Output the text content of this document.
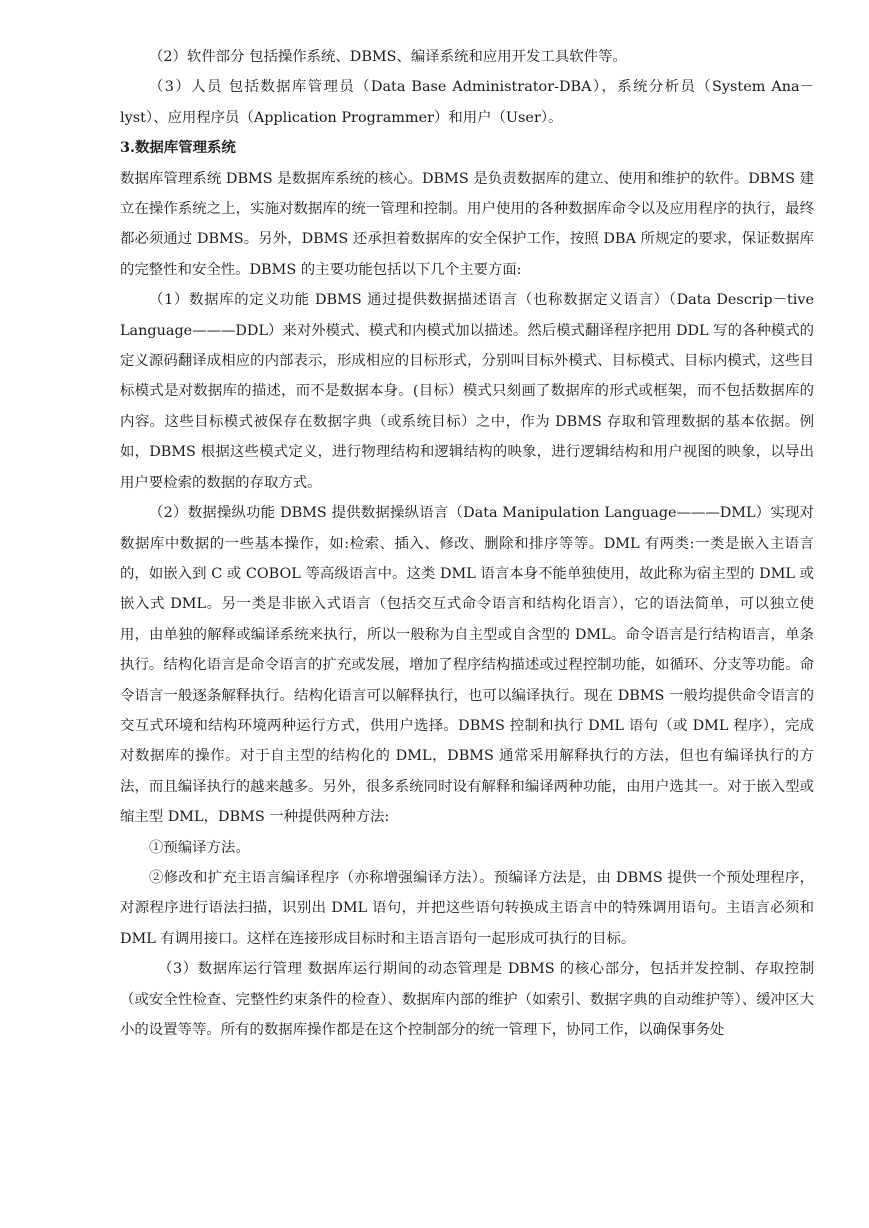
（2）软件部分 包括操作系统、DBMS、编译系统和应用开发工具软件等。

（3）人员 包括数据库管理员（Data Base Administrator-DBA），系统分析员（System Ana－lyst）、应用程序员（Application Programmer）和用户（User）。

3.数据库管理系统

数据库管理系统 DBMS 是数据库系统的核心。DBMS 是负责数据库的建立、使用和维护的软件。DBMS 建立在操作系统之上，实施对数据库的统一管理和控制。用户使用的各种数据库命令以及应用程序的执行，最终都必须通过 DBMS。另外，DBMS 还承担着数据库的安全保护工作，按照 DBA 所规定的要求，保证数据库的完整性和安全性。DBMS 的主要功能包括以下几个主要方面:

（1）数据库的定义功能 DBMS 通过提供数据描述语言（也称数据定义语言）（Data Descrip－tive Language———DDL）来对外模式、模式和内模式加以描述。然后模式翻译程序把用 DDL 写的各种模式的定义源码翻译成相应的内部表示，形成相应的目标形式，分别叫目标外模式、目标模式、目标内模式，这些目标模式是对数据库的描述，而不是数据本身。(目标）模式只刻画了数据库的形式或框架，而不包括数据库的内容。这些目标模式被保存在数据字典（或系统目标）之中，作为 DBMS 存取和管理数据的基本依据。例如，DBMS 根据这些模式定义，进行物理结构和逻辑结构的映象，进行逻辑结构和用户视图的映象，以导出用户要检索的数据的存取方式。

（2）数据操纵功能 DBMS 提供数据操纵语言（Data Manipulation Language———DML）实现对数据库中数据的一些基本操作，如:检索、插入、修改、删除和排序等等。DML 有两类:一类是嵌入主语言的，如嵌入到 C 或 COBOL 等高级语言中。这类 DML 语言本身不能单独使用，故此称为宿主型的 DML 或嵌入式 DML。另一类是非嵌入式语言（包括交互式命令语言和结构化语言），它的语法简单，可以独立使用，由单独的解释或编译系统来执行，所以一般称为自主型或自含型的 DML。命令语言是行结构语言，单条执行。结构化语言是命令语言的扩充或发展，增加了程序结构描述或过程控制功能，如循环、分支等功能。命令语言一般逐条解释执行。结构化语言可以解释执行，也可以编译执行。现在 DBMS 一般均提供命令语言的交互式环境和结构环境两种运行方式，供用户选择。DBMS 控制和执行 DML 语句（或 DML 程序），完成对数据库的操作。对于自主型的结构化的 DML，DBMS 通常采用解释执行的方法，但也有编译执行的方法，而且编译执行的越来越多。另外，很多系统同时设有解释和编译两种功能，由用户选其一。对于嵌入型或缩主型 DML，DBMS 一种提供两种方法:

①预编译方法。

②修改和扩充主语言编译程序（亦称增强编译方法）。预编译方法是，由 DBMS 提供一个预处理程序，对源程序进行语法扫描，识别出 DML 语句，并把这些语句转换成主语言中的特殊调用语句。主语言必须和 DML 有调用接口。这样在连接形成目标时和主语言语句一起形成可执行的目标。

（3）数据库运行管理 数据库运行期间的动态管理是 DBMS 的核心部分，包括并发控制、存取控制（或安全性检查、完整性约束条件的检查）、数据库内部的维护（如索引、数据字典的自动维护等）、缓冲区大小的设置等等。所有的数据库操作都是在这个控制部分的统一管理下，协同工作，以确保事务处
